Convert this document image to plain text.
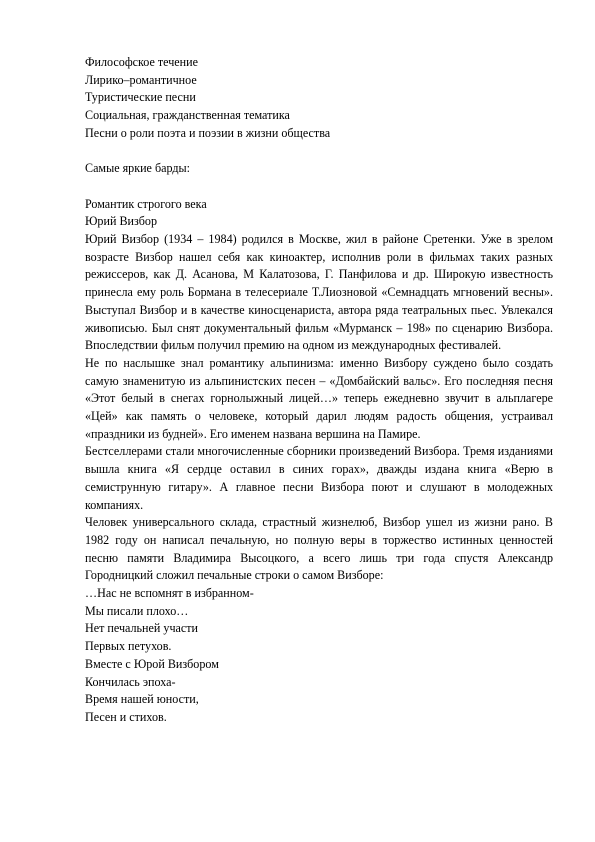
Философское течение
Лирико–романтичное
Туристические песни
Социальная, гражданственная тематика
Песни о роли поэта и поэзии в жизни общества
Самые яркие барды:
Романтик строгого века
Юрий Визбор

Юрий Визбор (1934 – 1984) родился в Москве, жил в районе Сретенки. Уже в зрелом возрасте Визбор нашел себя как киноактер, исполнив роли в фильмах таких разных режиссеров, как Д. Асанова, М Калатозова, Г. Панфилова и др. Широкую известность принесла ему роль Бормана в телесериале Т.Лиозновой «Семнадцать мгновений весны». Выступал Визбор и в качестве киносценариста, автора ряда театральных пьес. Увлекался живописью. Был снят документальный фильм «Мурманск – 198» по сценарию Визбора. Впоследствии фильм получил премию на одном из международных фестивалей.

Не по наслышке знал романтику альпинизма: именно Визбору суждено было создать самую знаменитую из альпинистских песен – «Домбайский вальс». Его последняя песня «Этот белый в снегах горнолыжный лицей…» теперь ежедневно звучит в альплагере «Цей» как память о человеке, который дарил людям радость общения, устраивал «праздники из будней». Его именем названа вершина на Памире.

Бестселлерами стали многочисленные сборники произведений Визбора. Тремя изданиями вышла книга «Я сердце оставил в синих горах», дважды издана книга «Верю в семиструнную гитару». А главное песни Визбора поют и слушают в молодежных компаниях.

Человек универсального склада, страстный жизнелюб, Визбор ушел из жизни рано. В 1982 году он написал печальную, но полную веры в торжество истинных ценностей песню памяти Владимира Высоцкого, а всего лишь три года спустя Александр Городницкий сложил печальные строки о самом Визборе:

…Нас не вспомнят в избранном-
Мы писали плохо…
Нет печальней участи
Первых петухов.
Вместе с Юрой Визбором
Кончилась эпоха-
Время нашей юности,
Песен и стихов.
